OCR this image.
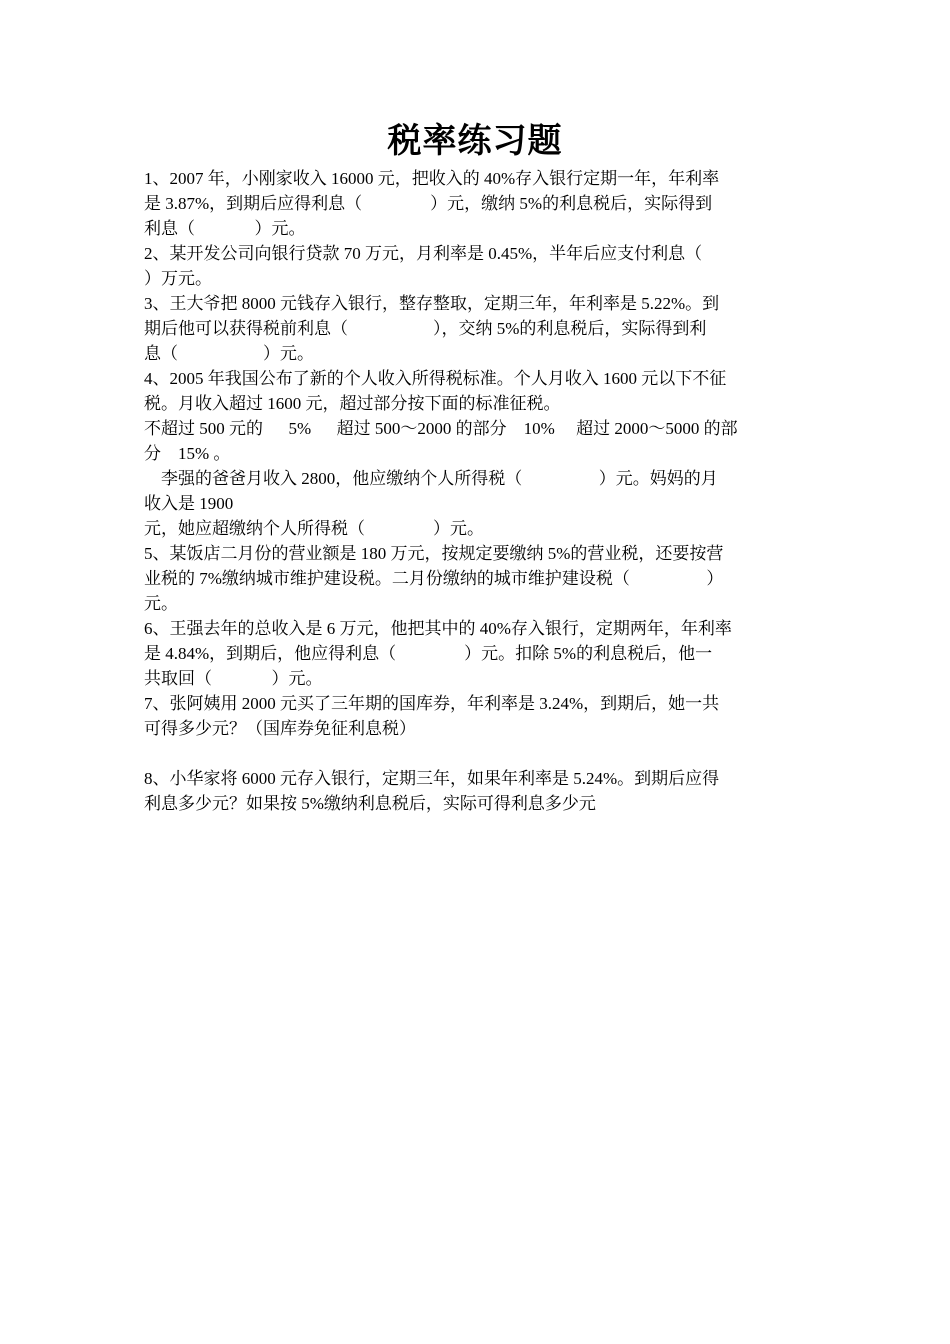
税率练习题
1、2007 年，小刚家收入 16000 元，把收入的 40%存入银行定期一年，年利率
是 3.87%，到期后应得利息（                ）元，缴纳 5%的利息税后，实际得到
利息（              ）元。
2、某开发公司向银行贷款 70 万元，月利率是 0.45%，半年后应支付利息（
）万元。
3、王大爷把 8000 元钱存入银行，整存整取，定期三年，年利率是 5.22%。到
期后他可以获得税前利息（                    ），交纳 5%的利息税后，实际得到利
息（                    ）元。
4、2005 年我国公布了新的个人收入所得税标准。个人月收入 1600 元以下不征
税。月收入超过 1600 元，超过部分按下面的标准征税。
不超过 500 元的      5%      超过 500～2000 的部分    10%     超过 2000～5000 的部
分    15% 。
李强的爸爸月收入 2800，他应缴纳个人所得税（                  ）元。妈妈的月
收入是 1900
元，她应超缴纳个人所得税（                ）元。
5、某饭店二月份的营业额是 180 万元，按规定要缴纳 5%的营业税，还要按营
业税的 7%缴纳城市维护建设税。二月份缴纳的城市维护建设税（                  ）
元。
6、王强去年的总收入是 6 万元，他把其中的 40%存入银行，定期两年，年利率
是 4.84%，到期后，他应得利息（                ）元。扣除 5%的利息税后，他一
共取回（              ）元。
7、张阿姨用 2000 元买了三年期的国库券，年利率是 3.24%，到期后，她一共
可得多少元？（国库券免征利息税）
8、小华家将 6000 元存入银行，定期三年，如果年利率是 5.24%。到期后应得
利息多少元？如果按 5%缴纳利息税后，实际可得利息多少元
